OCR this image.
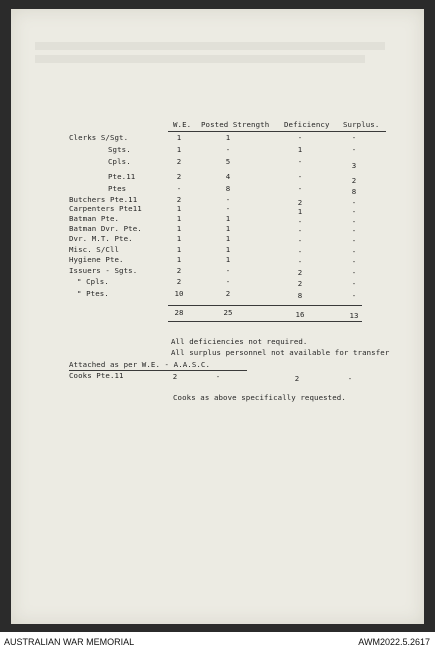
W.E. Posted Strength Deficiency Surplus.
Clerks S/Sgt.	1	1	-	-
Sgts.	1	-	1	-
Cpls.	2	5	-	3
Pte.11	2	4	-	2
Ptes	-	8	-	8
Butchers Pte.11	2	-	2	-
Carpenters Pte11	1	-	1	-
Batman Pte.	1	1	-	-
Batman Dvr. Pte.	1	1	-	-
Dvr. M.T. Pte.	1	1	-	-
Misc. S/Cll	1	1	-	-
Hygiene Pte.	1	1	-	-
Issuers - Sgts.	2	-	2	-
" Cpls.	2	-	2	-
" Ptes.	10	2	8	-
28	25	16	13
All deficiencies not required.
All surplus personnel not available for transfer
Attached as per W.E. - A.A.S.C.
Cooks Pte.11	2	-	2	-
Cooks as above specifically requested.
AUSTRALIAN WAR MEMORIAL	AWM2022.5.2617
